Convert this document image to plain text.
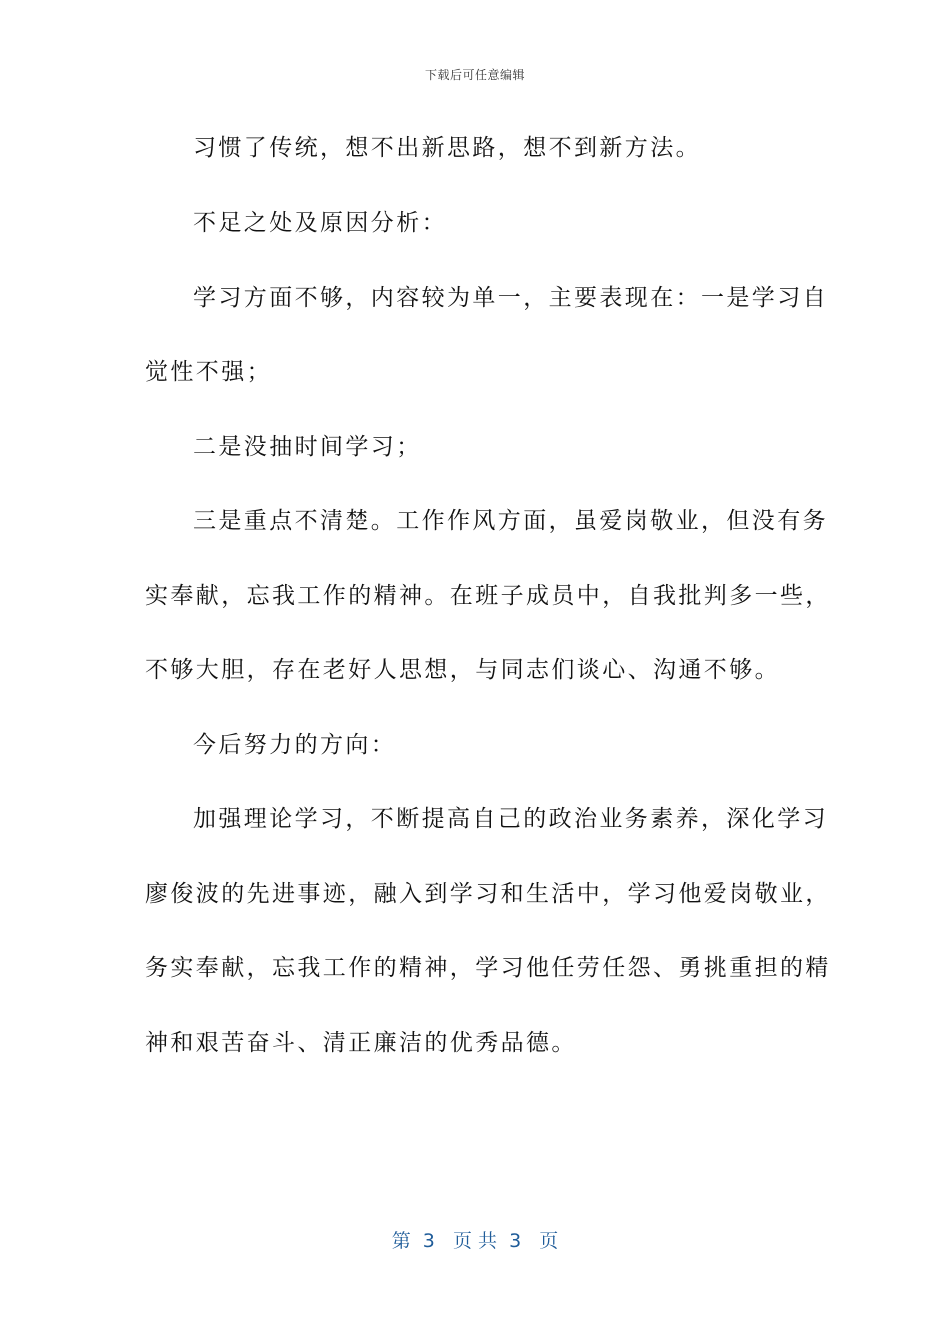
下载后可任意编辑
习惯了传统，想不出新思路，想不到新方法。
不足之处及原因分析：
学习方面不够，内容较为单一，主要表现在：一是学习自
觉性不强；
二是没抽时间学习；
三是重点不清楚。工作作风方面，虽爱岗敬业，但没有务
实奉献，忘我工作的精神。在班子成员中，自我批判多一些，
不够大胆，存在老好人思想，与同志们谈心、沟通不够。
今后努力的方向：
加强理论学习，不断提高自己的政治业务素养，深化学习
廖俊波的先进事迹，融入到学习和生活中，学习他爱岗敬业，
务实奉献，忘我工作的精神，学习他任劳任怨、勇挑重担的精
神和艰苦奋斗、清正廉洁的优秀品德。
第  3   页 共  3   页
